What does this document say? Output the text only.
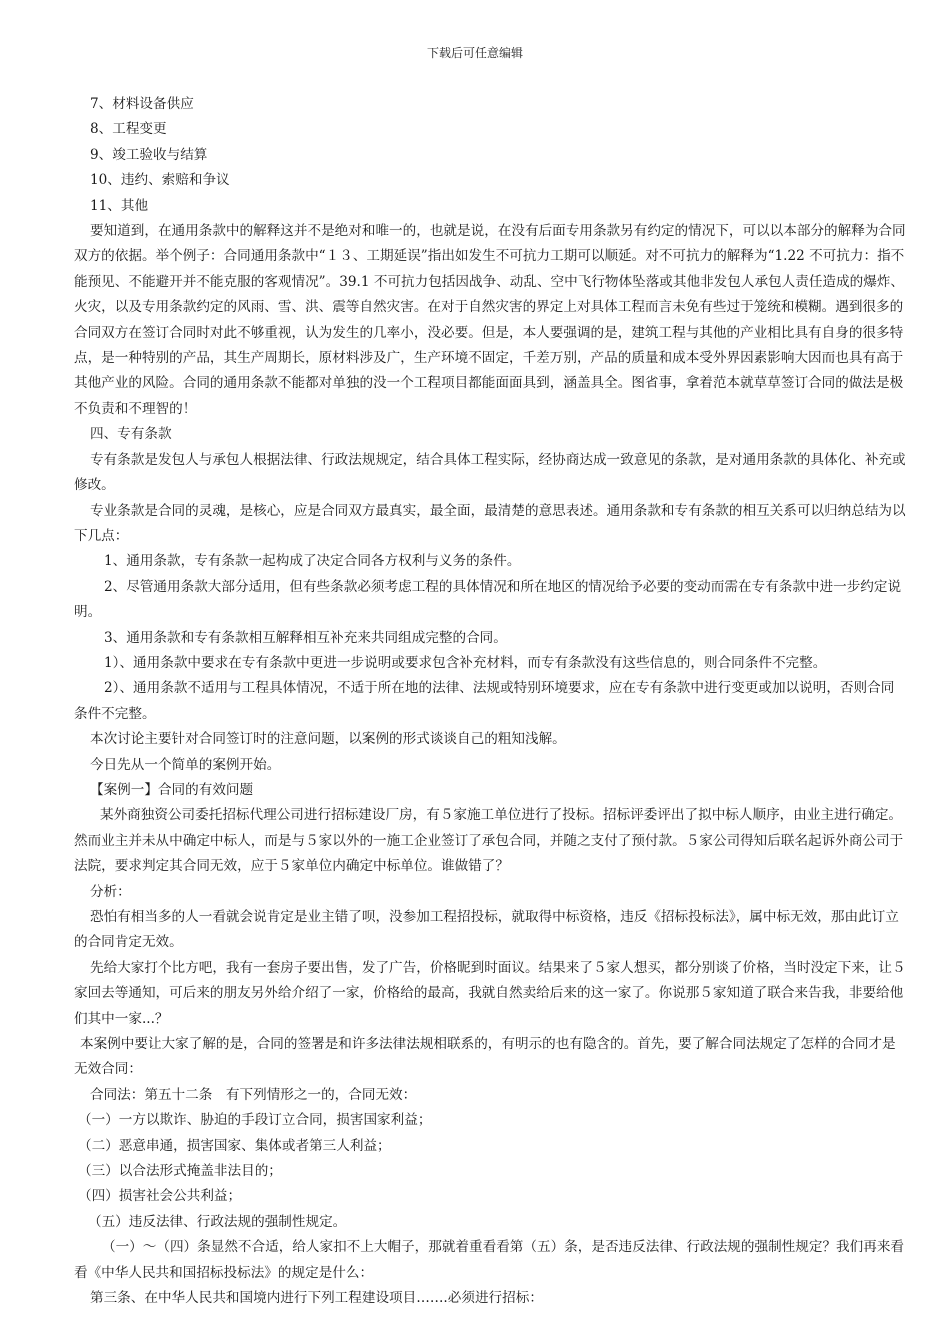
下载后可任意编辑

7、材料设备供应

8、工程变更

9、竣工验收与结算

10、违约、索赔和争议

11、其他

要知道到，在通用条款中的解释这并不是绝对和唯一的，也就是说，在没有后面专用条款另有约定的情况下，可以以本部分的解释为合同双方的依据。举个例子：合同通用条款中“１３、工期延误”指出如发生不可抗力工期可以顺延。对不可抗力的解释为“1.22 不可抗力：指不能预见、不能避开并不能克服的客观情况”。39.1 不可抗力包括因战争、动乱、空中飞行物体坠落或其他非发包人承包人责任造成的爆炸、火灾，以及专用条款约定的风雨、雪、洪、震等自然灾害。在对于自然灾害的界定上对具体工程而言未免有些过于笼统和模糊。遇到很多的合同双方在签订合同时对此不够重视，认为发生的几率小，没必要。但是，本人要强调的是，建筑工程与其他的产业相比具有自身的很多特点，是一种特别的产品，其生产周期长，原材料涉及广，生产环境不固定，千差万别，产品的质量和成本受外界因素影响大因而也具有高于其他产业的风险。合同的通用条款不能都对单独的没一个工程项目都能面面具到，涵盖具全。图省事，拿着范本就草草签订合同的做法是极不负责和不理智的！

四、专有条款

专有条款是发包人与承包人根据法律、行政法规规定，结合具体工程实际，经协商达成一致意见的条款，是对通用条款的具体化、补充或修改。

专业条款是合同的灵魂，是核心，应是合同双方最真实，最全面，最清楚的意思表述。通用条款和专有条款的相互关系可以归纳总结为以下几点：

1、通用条款，专有条款一起构成了决定合同各方权利与义务的条件。

2、尽管通用条款大部分适用，但有些条款必须考虑工程的具体情况和所在地区的情况给予必要的变动而需在专有条款中进一步约定说明。

3、通用条款和专有条款相互解释相互补充来共同组成完整的合同。

1）、通用条款中要求在专有条款中更进一步说明或要求包含补充材料，而专有条款没有这些信息的，则合同条件不完整。

2）、通用条款不适用与工程具体情况，不适于所在地的法律、法规或特别环境要求，应在专有条款中进行变更或加以说明，否则合同条件不完整。

本次讨论主要针对合同签订时的注意问题，以案例的形式谈谈自己的粗知浅解。

今日先从一个简单的案例开始。

【案例一】合同的有效问题

某外商独资公司委托招标代理公司进行招标建设厂房，有５家施工单位进行了投标。招标评委评出了拟中标人顺序，由业主进行确定。然而业主并未从中确定中标人，而是与５家以外的一施工企业签订了承包合同，并随之支付了预付款。５家公司得知后联名起诉外商公司于法院，要求判定其合同无效，应于５家单位内确定中标单位。谁做错了？

分析：

恐怕有相当多的人一看就会说肯定是业主错了呗，没参加工程招投标，就取得中标资格，违反《招标投标法》，属中标无效，那由此订立的合同肯定无效。

先给大家打个比方吧，我有一套房子要出售，发了广告，价格昵到时面议。结果来了５家人想买，都分别谈了价格，当时没定下来，让５家回去等通知，可后来的朋友另外给介绍了一家，价格给的最高，我就自然卖给后来的这一家了。你说那５家知道了联合来告我，非要给他们其中一家...？

本案例中要让大家了解的是，合同的签署是和许多法律法规相联系的，有明示的也有隐含的。首先，要了解合同法规定了怎样的合同才是无效合同：

合同法：第五十二条　有下列情形之一的，合同无效：

（一）一方以欺诈、胁迫的手段订立合同，损害国家利益；

（二）恶意串通，损害国家、集体或者第三人利益；

（三）以合法形式掩盖非法目的；

（四）损害社会公共利益；

（五）违反法律、行政法规的强制性规定。

（一）～（四）条显然不合适，给人家扣不上大帽子，那就着重看看第（五）条，是否违反法律、行政法规的强制性规定？我们再来看看《中华人民共和国招标投标法》的规定是什么：

第三条、在中华人民共和国境内进行下列工程建设项目…….必须进行招标：
